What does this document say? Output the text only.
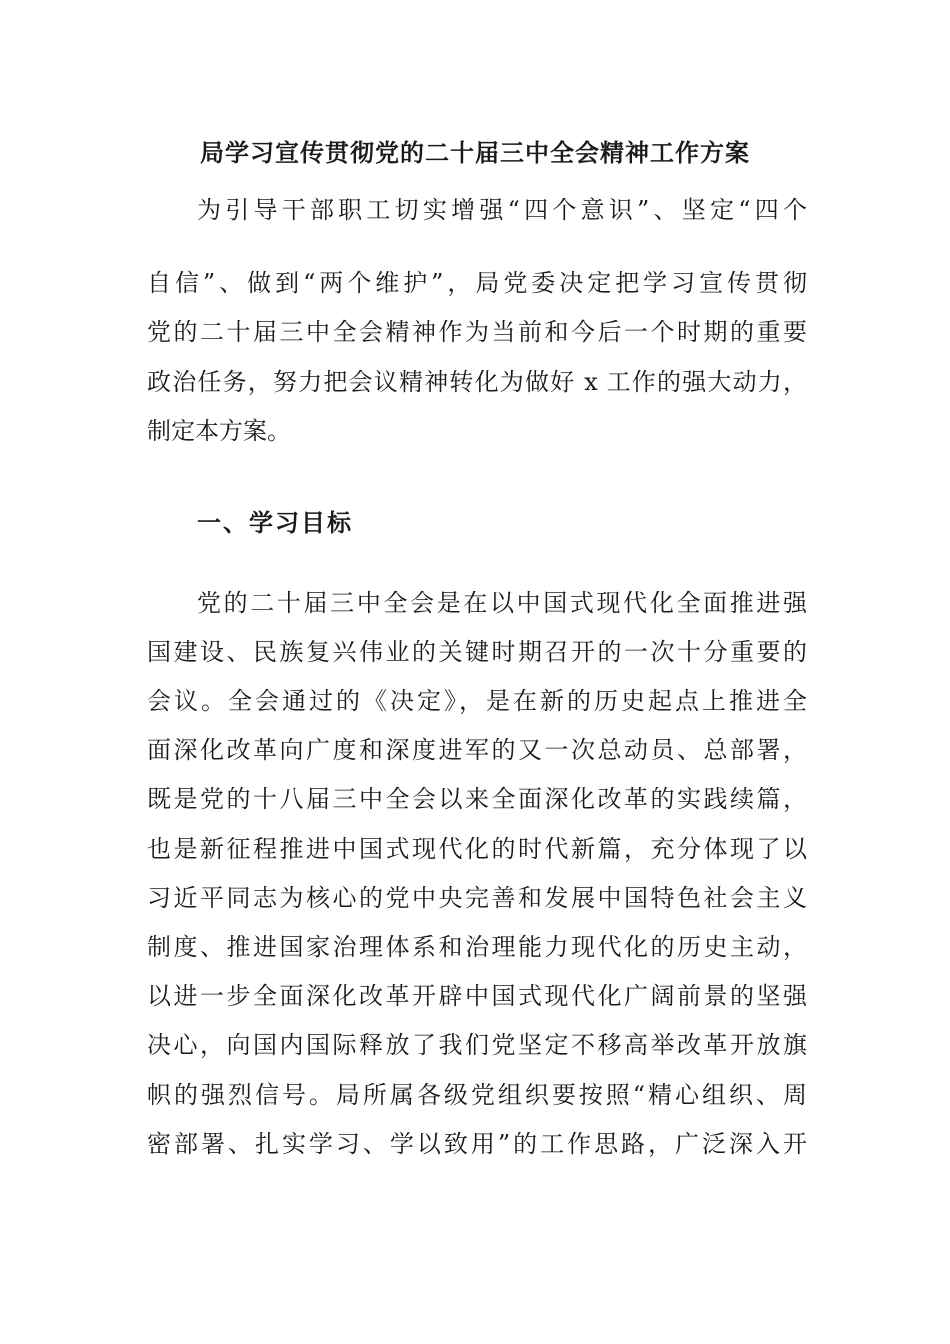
局学习宣传贯彻党的二十届三中全会精神工作方案

为引导干部职工切实增强“四个意识”、坚定“四个

自信”、做到“两个维护”，局党委决定把学习宣传贯彻

党的二十届三中全会精神作为当前和今后一个时期的重要

政治任务，努力把会议精神转化为做好 x 工作的强大动力，

制定本方案。

一、学习目标

党的二十届三中全会是在以中国式现代化全面推进强

国建设、民族复兴伟业的关键时期召开的一次十分重要的

会议。全会通过的《决定》，是在新的历史起点上推进全

面深化改革向广度和深度进军的又一次总动员、总部署，

既是党的十八届三中全会以来全面深化改革的实践续篇，

也是新征程推进中国式现代化的时代新篇，充分体现了以

习近平同志为核心的党中央完善和发展中国特色社会主义

制度、推进国家治理体系和治理能力现代化的历史主动，

以进一步全面深化改革开辟中国式现代化广阔前景的坚强

决心，向国内国际释放了我们党坚定不移高举改革开放旗

帜的强烈信号。局所属各级党组织要按照“精心组织、周

密部署、扎实学习、学以致用”的工作思路，广泛深入开
